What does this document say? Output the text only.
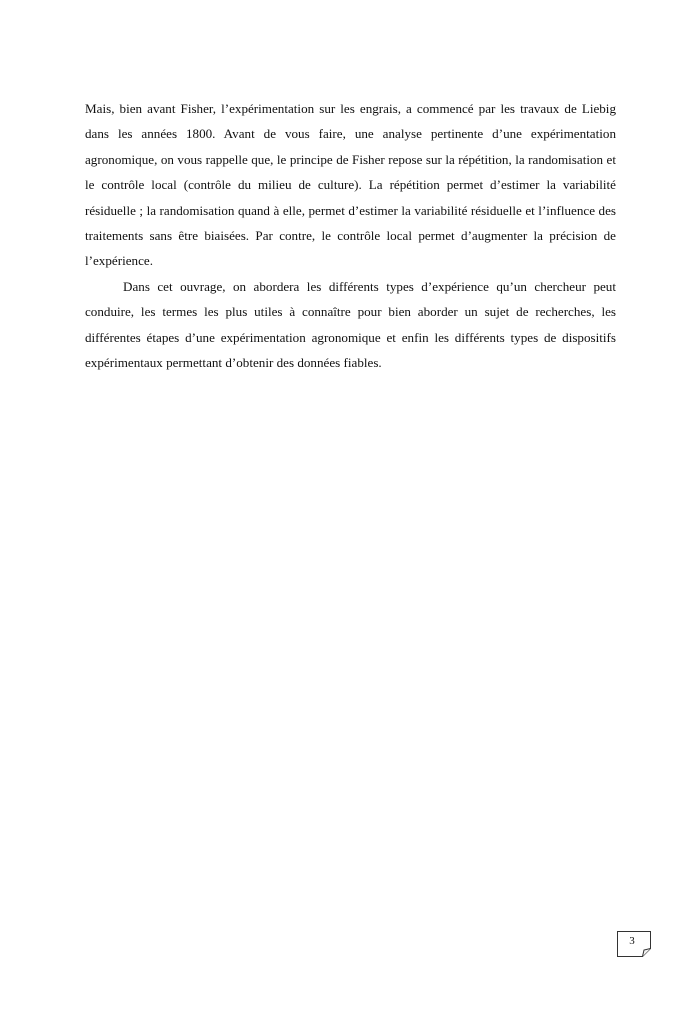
Mais, bien avant Fisher, l’expérimentation sur les engrais, a commencé par les travaux de Liebig dans les années 1800. Avant de vous faire, une analyse pertinente d’une expérimentation agronomique, on vous rappelle que, le principe de Fisher repose sur la répétition, la randomisation et le contrôle local (contrôle du milieu de culture). La répétition permet d’estimer la variabilité résiduelle ; la randomisation quand à elle, permet d’estimer la variabilité résiduelle et l’influence des traitements sans être biaisées. Par contre, le contrôle local permet d’augmenter la précision de l’expérience.

Dans cet ouvrage, on abordera les différents types d’expérience qu’un chercheur peut conduire, les termes les plus utiles à connaître pour bien aborder un sujet de recherches, les différentes étapes d’une expérimentation agronomique et enfin les différents types de dispositifs expérimentaux permettant d’obtenir des données fiables.

3
